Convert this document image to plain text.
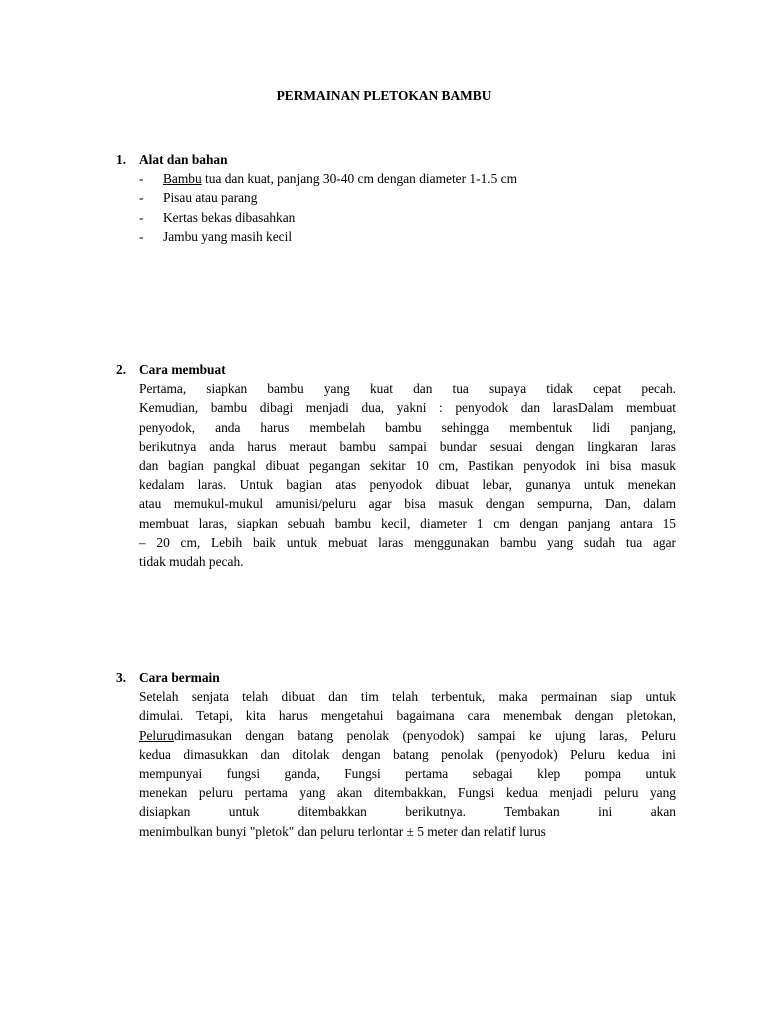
PERMAINAN PLETOKAN BAMBU
1. Alat dan bahan
-	Bambu tua dan kuat, panjang 30-40 cm dengan diameter 1-1.5 cm
-	Pisau atau parang
-	Kertas bekas dibasahkan
-	Jambu yang masih kecil
2. Cara membuat
Pertama, siapkan bambu yang kuat dan tua supaya tidak cepat pecah.
Kemudian, bambu dibagi menjadi dua, yakni : penyodok dan larasDalam membuat
penyodok, anda harus membelah bambu sehingga membentuk lidi panjang,
berikutnya anda harus meraut bambu sampai bundar sesuai dengan lingkaran laras
dan bagian pangkal dibuat pegangan sekitar 10 cm, Pastikan penyodok ini bisa masuk
kedalam laras. Untuk bagian atas penyodok dibuat lebar, gunanya untuk menekan
atau memukul-mukul amunisi/peluru agar bisa masuk dengan sempurna, Dan, dalam
membuat laras, siapkan sebuah bambu kecil, diameter 1 cm dengan panjang antara 15
– 20 cm, Lebih baik untuk mebuat laras menggunakan bambu yang sudah tua agar
tidak mudah pecah.
3. Cara bermain
Setelah senjata telah dibuat dan tim telah terbentuk, maka permainan siap untuk
dimulai. Tetapi, kita harus mengetahui bagaimana cara menembak dengan pletokan,
Pelurudimasukan dengan batang penolak (penyodok) sampai ke ujung laras, Peluru
kedua dimasukkan dan ditolak dengan batang penolak (penyodok) Peluru kedua ini
mempunyai fungsi ganda, Fungsi pertama sebagai klep pompa untuk
menekan peluru pertama yang akan ditembakkan, Fungsi kedua menjadi peluru yang
disiapkan untuk ditembakkan berikutnya. Tembakan ini akan
menimbulkan bunyi "pletok" dan peluru terlontar ± 5 meter dan relatif lurus
